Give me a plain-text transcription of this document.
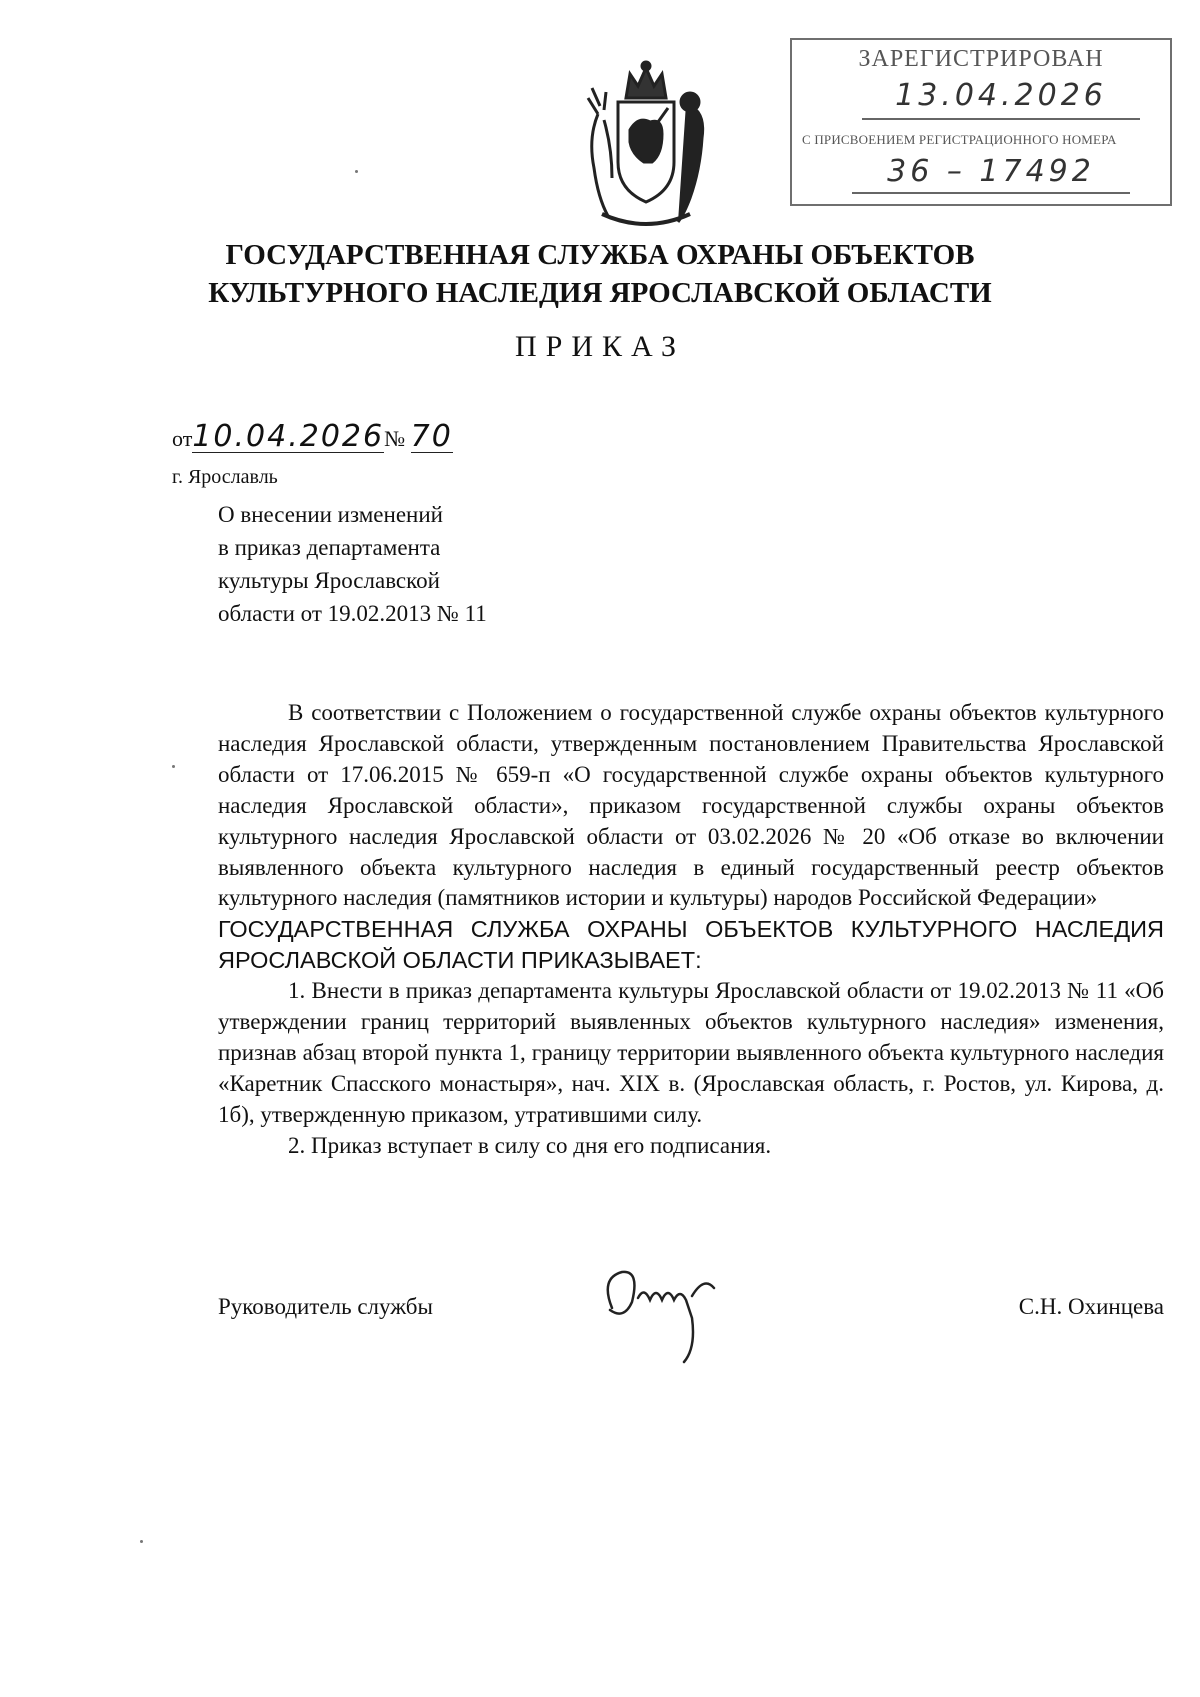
ЗАРЕГИСТРИРОВАН
13.04.2026
С ПРИСВОЕНИЕМ РЕГИСТРАЦИОННОГО НОМЕРА
36 – 17492
ГОСУДАРСТВЕННАЯ СЛУЖБА ОХРАНЫ ОБЪЕКТОВ
КУЛЬТУРНОГО НАСЛЕДИЯ ЯРОСЛАВСКОЙ ОБЛАСТИ
ПРИКАЗ
от10.04.2026№ 70
г. Ярославль
О внесении изменений
в приказ департамента
культуры Ярославской
области от 19.02.2013 № 11

В соответствии с Положением о государственной службе охраны объектов культурного наследия Ярославской области, утвержденным постановлением Правительства Ярославской области от 17.06.2015 № 659-п «О государственной службе охраны объектов культурного наследия Ярославской области», приказом государственной службы охраны объектов культурного наследия Ярославской области от 03.02.2026 № 20 «Об отказе во включении выявленного объекта культурного наследия в единый государственный реестр объектов культурного наследия (памятников истории и культуры) народов Российской Федерации»

ГОСУДАРСТВЕННАЯ СЛУЖБА ОХРАНЫ ОБЪЕКТОВ КУЛЬТУРНОГО НАСЛЕДИЯ ЯРОСЛАВСКОЙ ОБЛАСТИ ПРИКАЗЫВАЕТ:

1. Внести в приказ департамента культуры Ярославской области от 19.02.2013 № 11 «Об утверждении границ территорий выявленных объектов культурного наследия» изменения, признав абзац второй пункта 1, границу территории выявленного объекта культурного наследия «Каретник Спасского монастыря», нач. XIX в. (Ярославская область, г. Ростов, ул. Кирова, д. 1б), утвержденную приказом, утратившими силу.

2. Приказ вступает в силу со дня его подписания.

Руководитель службы	С.Н. Охинцева
